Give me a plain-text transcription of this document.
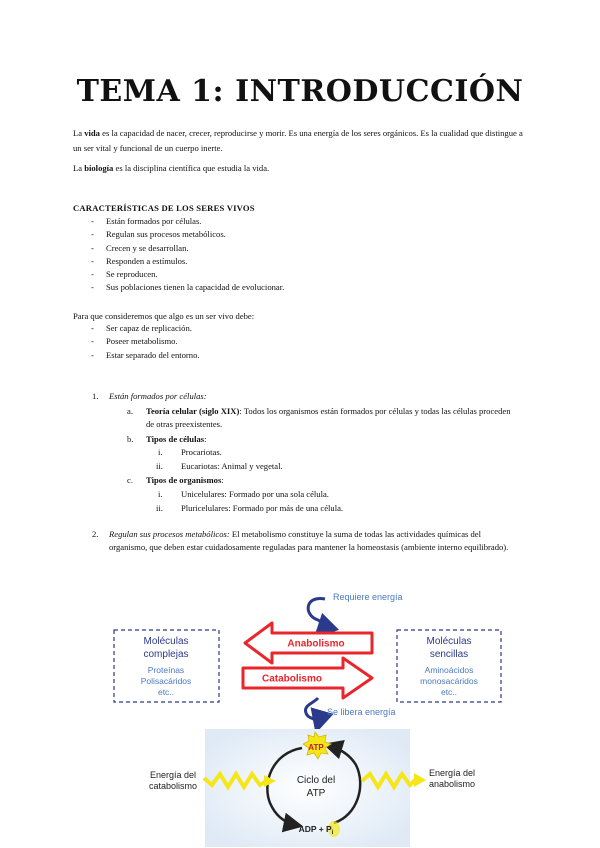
TEMA 1: INTRODUCCIÓN
La vida es la capacidad de nacer, crecer, reproducirse y morir. Es una energía de los seres orgánicos. Es la cualidad que distingue a un ser vital y funcional de un cuerpo inerte.
La biología es la disciplina científica que estudia la vida.
CARACTERÍSTICAS DE LOS SERES VIVOS
- Están formados por células.
- Regulan sus procesos metabólicos.
- Crecen y se desarrollan.
- Responden a estímulos.
- Se reproducen.
- Sus poblaciones tienen la capacidad de evolucionar.
Para que consideremos que algo es un ser vivo debe:
- Ser capaz de replicación.
- Poseer metabolismo.
- Estar separado del entorno.
1. Están formados por células:
a. Teoría celular (siglo XIX): Todos los organismos están formados por células y todas las células proceden de otras preexistentes.
b. Tipos de células:
i. Procariotas.
ii. Eucariotas: Animal y vegetal.
c. Tipos de organismos:
i. Unicelulares: Formado por una sola célula.
ii. Pluricelulares: Formado por más de una célula.
2. Regulan sus procesos metabólicos: El metabolismo constituye la suma de todas las actividades químicas del organismo, que deben estar cuidadosamente reguladas para mantener la homeostasis (ambiente interno equilibrado).
Requiere energía
Moléculas
complejas
Proteínas
Polisacáridos
etc..
Moléculas
sencillas
Aminoácidos
monosacáridos
etc..
Anabolismo
Catabolismo
Se libera energía
ATP
Ciclo del
ATP
Energía del
catabolismo
Energía del
anabolismo
ADP + $P_i$
